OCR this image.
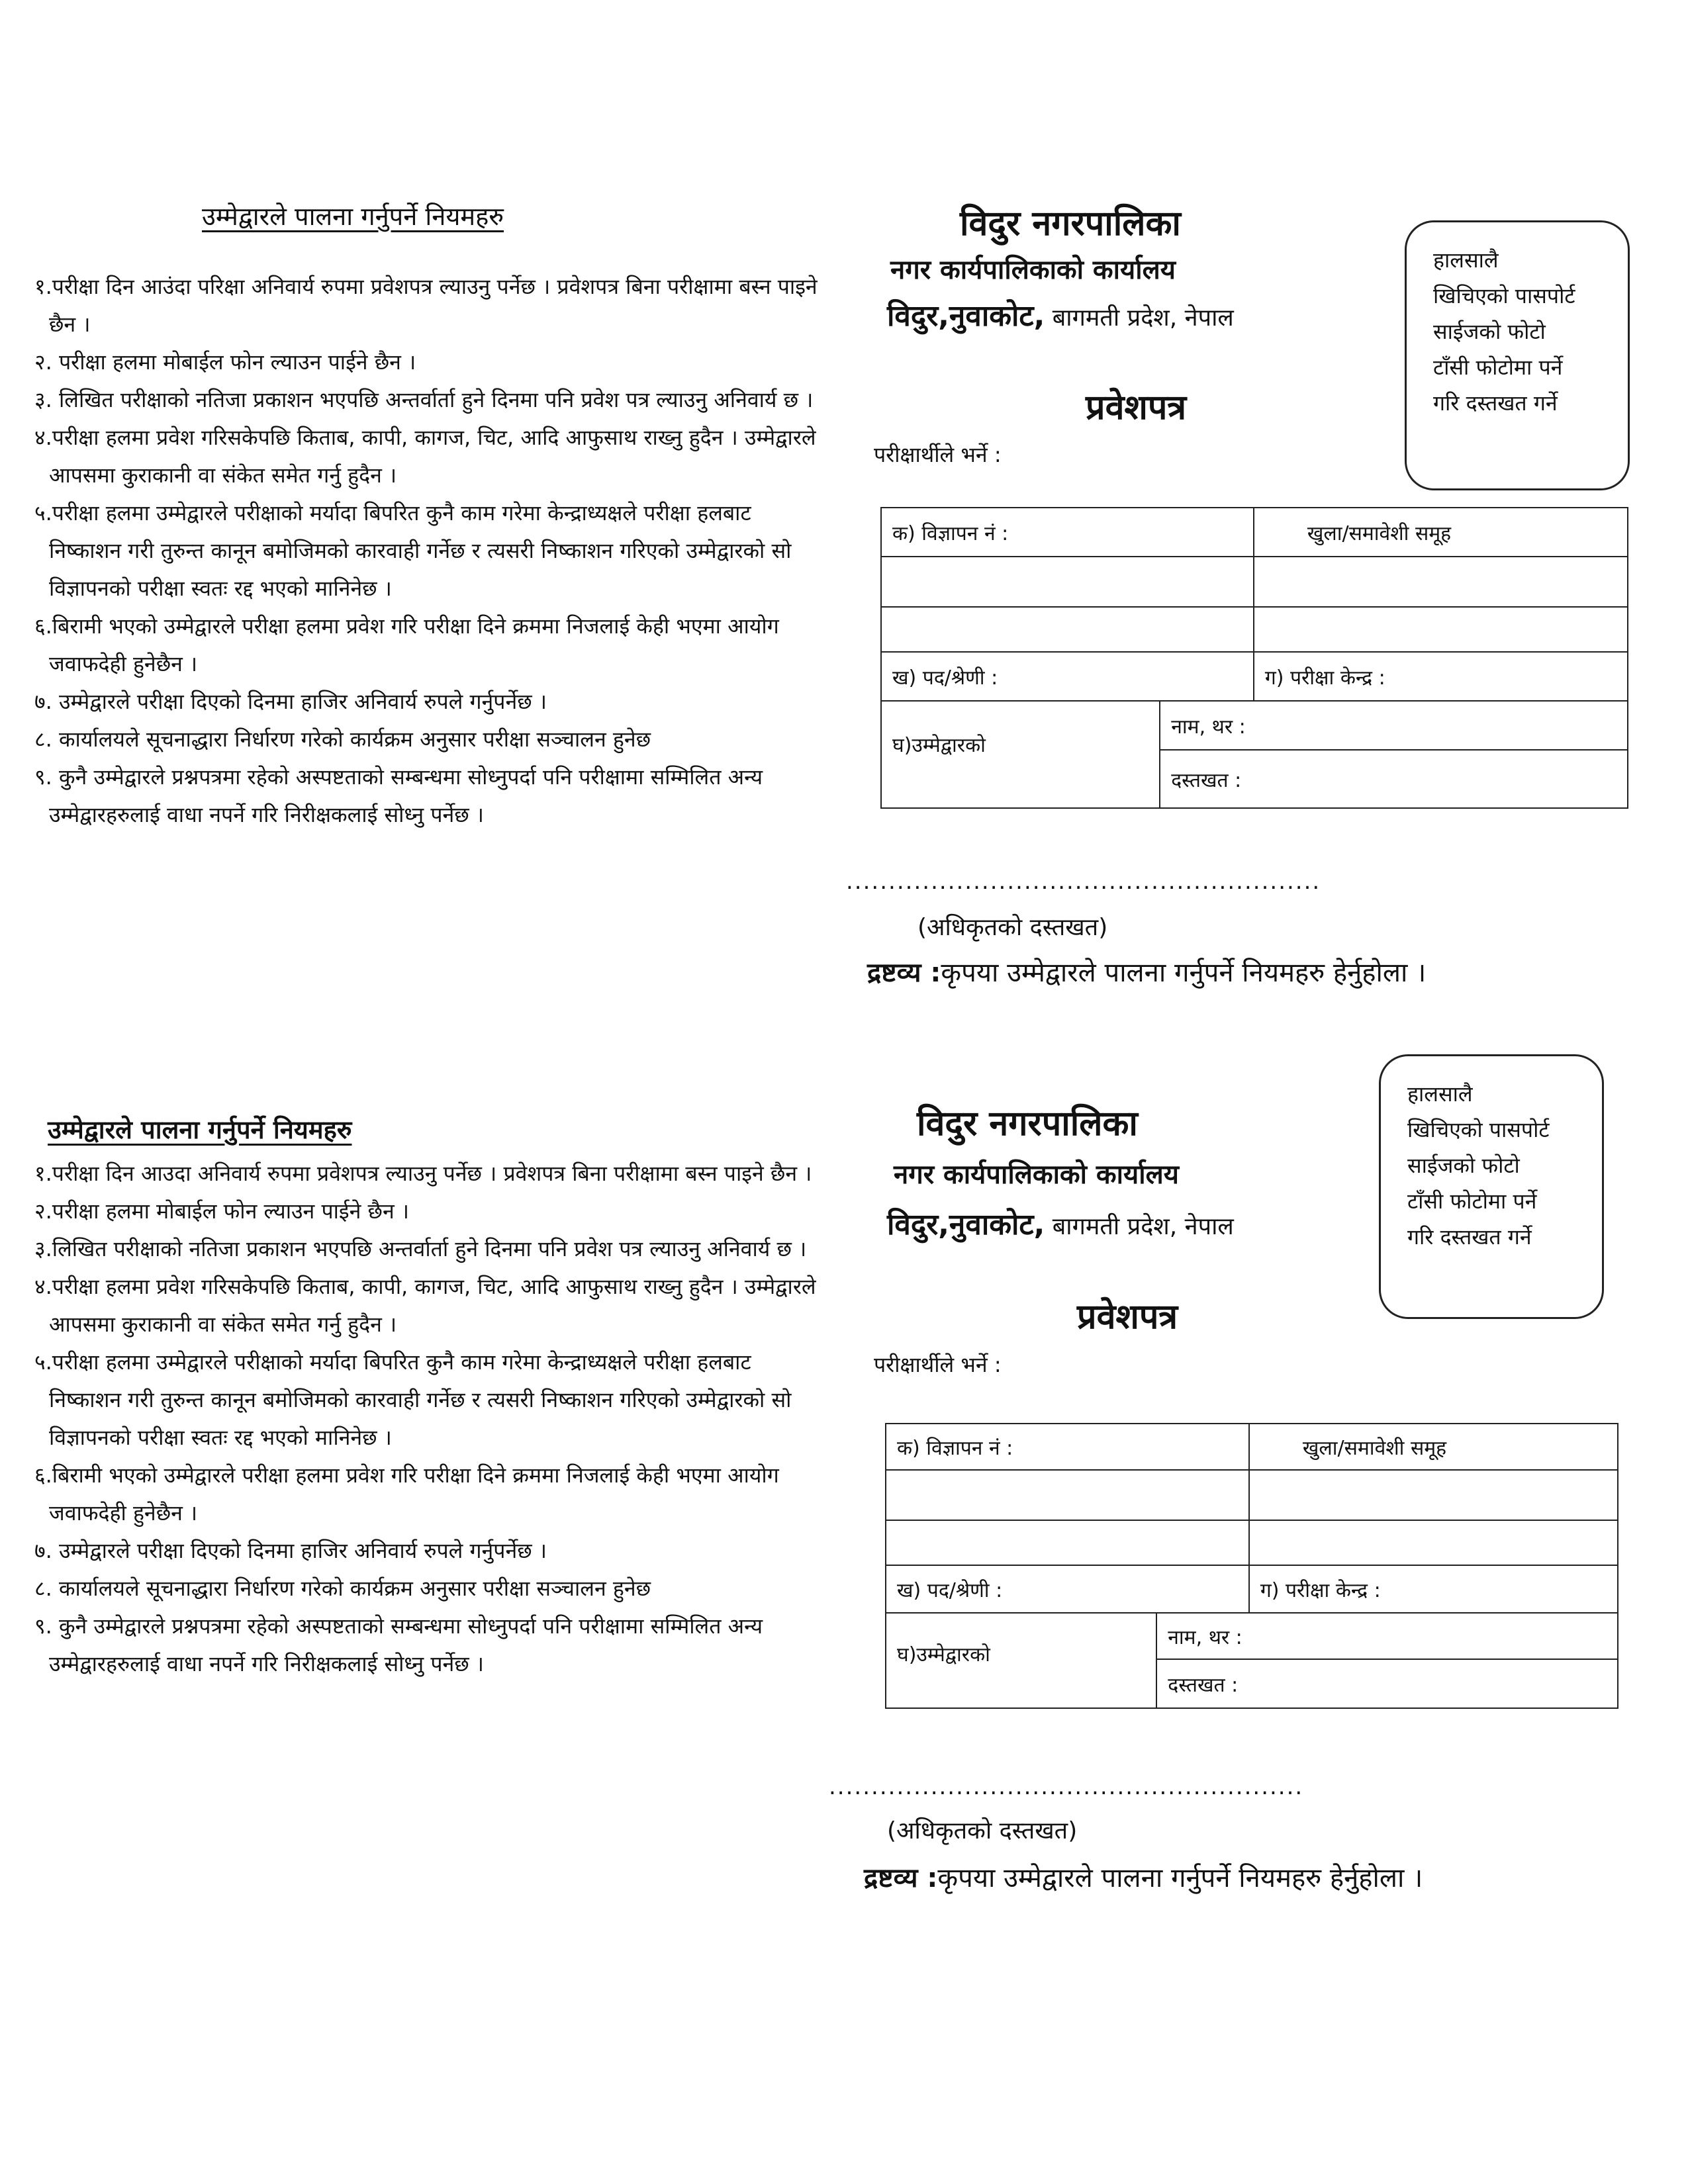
उम्मेद्वारले पालना गर्नुपर्ने नियमहरु

१.परीक्षा दिन आउंदा परिक्षा अनिवार्य रुपमा प्रवेशपत्र ल्याउनु पर्नेछ । प्रवेशपत्र बिना परीक्षामा बस्न पाइने छैन ।

२. परीक्षा हलमा मोबाईल फोन ल्याउन पाईने छैन ।

३. लिखित परीक्षाको नतिजा प्रकाशन भएपछि अन्तर्वार्ता हुने दिनमा पनि प्रवेश पत्र ल्याउनु अनिवार्य छ ।

४.परीक्षा हलमा प्रवेश गरिसकेपछि किताब, कापी, कागज, चिट, आदि आफुसाथ राख्नु हुदैन । उम्मेद्वारले आपसमा कुराकानी वा संकेत समेत गर्नु हुदैन ।

५.परीक्षा हलमा उम्मेद्वारले परीक्षाको मर्यादा बिपरित कुनै काम गरेमा केन्द्राध्यक्षले परीक्षा हलबाट निष्काशन गरी तुरुन्त कानून बमोजिमको कारवाही गर्नेछ र त्यसरी निष्काशन गरिएको उम्मेद्वारको सो विज्ञापनको परीक्षा स्वतः रद्द भएको मानिनेछ ।

६.बिरामी भएको उम्मेद्वारले परीक्षा हलमा प्रवेश गरि परीक्षा दिने क्रममा निजलाई केही भएमा आयोग जवाफदेही हुनेछैन ।

७. उम्मेद्वारले परीक्षा दिएको दिनमा हाजिर अनिवार्य रुपले गर्नुपर्नेछ ।

८. कार्यालयले सूचनाद्धारा निर्धारण गरेको कार्यक्रम अनुसार परीक्षा सञ्चालन हुनेछ

९. कुनै उम्मेद्वारले प्रश्नपत्रमा रहेको अस्पष्टताको सम्बन्धमा सोध्नुपर्दा पनि परीक्षामा सम्मिलित अन्य उम्मेद्वारहरुलाई वाधा नपर्ने गरि निरीक्षकलाई सोध्नु पर्नेछ ।

विदुर नगरपालिका
नगर कार्यपालिकाको कार्यालय
विदुर,नुवाकोट, बागमती प्रदेश, नेपाल
प्रवेशपत्र
परीक्षार्थीले भर्ने :
हालसालै
खिचिएको पासपोर्ट
साईजको फोटो
टाँसी फोटोमा पर्ने
गरि दस्तखत गर्ने
क) विज्ञापन नं :		खुला/समावेशी समूह

ख) पद/श्रेणी :		ग) परीक्षा केन्द्र :
घ)उम्मेद्वारको	नाम, थर :	
	दस्तखत :	
........................................................
(अधिकृतको दस्तखत)
द्रष्टव्य :कृपया उम्मेद्वारले पालना गर्नुपर्ने नियमहरु हेर्नुहोला ।
उम्मेद्वारले पालना गर्नुपर्ने नियमहरु

१.परीक्षा दिन आउदा अनिवार्य रुपमा प्रवेशपत्र ल्याउनु पर्नेछ । प्रवेशपत्र बिना परीक्षामा बस्न पाइने छैन ।

२.परीक्षा हलमा मोबाईल फोन ल्याउन पाईने छैन ।

३.लिखित परीक्षाको नतिजा प्रकाशन भएपछि अन्तर्वार्ता हुने दिनमा पनि प्रवेश पत्र ल्याउनु अनिवार्य छ ।

४.परीक्षा हलमा प्रवेश गरिसकेपछि किताब, कापी, कागज, चिट, आदि आफुसाथ राख्नु हुदैन । उम्मेद्वारले आपसमा कुराकानी वा संकेत समेत गर्नु हुदैन ।

५.परीक्षा हलमा उम्मेद्वारले परीक्षाको मर्यादा बिपरित कुनै काम गरेमा केन्द्राध्यक्षले परीक्षा हलबाट निष्काशन गरी तुरुन्त कानून बमोजिमको कारवाही गर्नेछ र त्यसरी निष्काशन गरिएको उम्मेद्वारको सो विज्ञापनको परीक्षा स्वतः रद्द भएको मानिनेछ ।

६.बिरामी भएको उम्मेद्वारले परीक्षा हलमा प्रवेश गरि परीक्षा दिने क्रममा निजलाई केही भएमा आयोग जवाफदेही हुनेछैन ।

७. उम्मेद्वारले परीक्षा दिएको दिनमा हाजिर अनिवार्य रुपले गर्नुपर्नेछ ।

८. कार्यालयले सूचनाद्धारा निर्धारण गरेको कार्यक्रम अनुसार परीक्षा सञ्चालन हुनेछ

९. कुनै उम्मेद्वारले प्रश्नपत्रमा रहेको अस्पष्टताको सम्बन्धमा सोध्नुपर्दा पनि परीक्षामा सम्मिलित अन्य उम्मेद्वारहरुलाई वाधा नपर्ने गरि निरीक्षकलाई सोध्नु पर्नेछ ।

विदुर नगरपालिका
नगर कार्यपालिकाको कार्यालय
विदुर,नुवाकोट, बागमती प्रदेश, नेपाल
प्रवेशपत्र
परीक्षार्थीले भर्ने :
हालसालै
खिचिएको पासपोर्ट
साईजको फोटो
टाँसी फोटोमा पर्ने
गरि दस्तखत गर्ने
क) विज्ञापन नं :		खुला/समावेशी समूह

ख) पद/श्रेणी :		ग) परीक्षा केन्द्र :
घ)उम्मेद्वारको	नाम, थर :	
	दस्तखत :	
........................................................
(अधिकृतको दस्तखत)
द्रष्टव्य :कृपया उम्मेद्वारले पालना गर्नुपर्ने नियमहरु हेर्नुहोला ।
